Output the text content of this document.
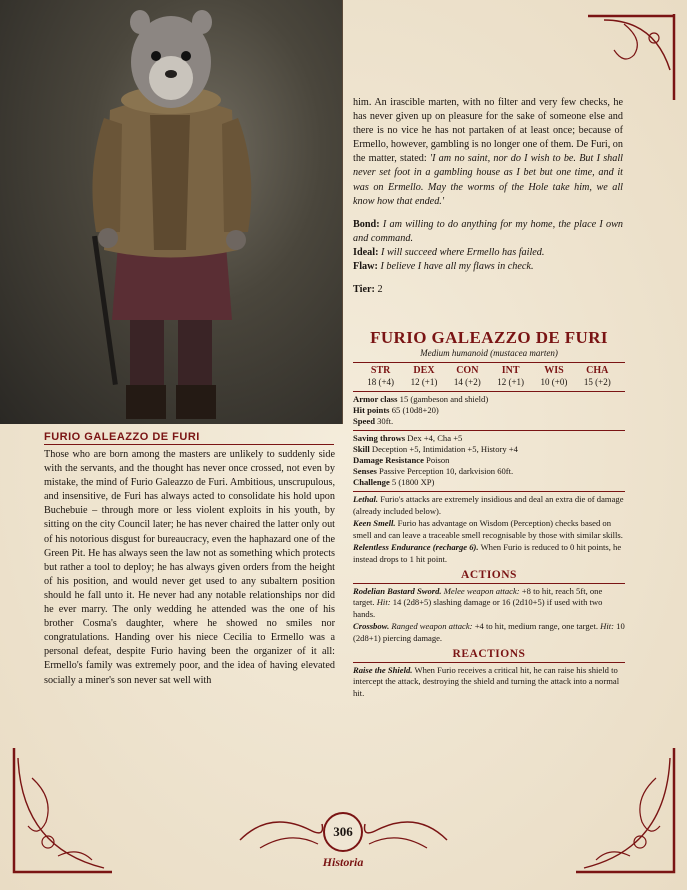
FURIO GALEAZZO DE FURI
Those who are born among the masters are unlikely to suddenly side with the servants, and the thought has never once crossed, not even by mistake, the mind of Furio Galeazzo de Furi. Ambitious, unscrupulous, and insensitive, de Furi has always acted to consolidate his hold upon Buchebuie – through more or less violent exploits in his youth, by sitting on the city Council later; he has never chaired the latter only out of his notorious disgust for bureaucracy, even the haphazard one of the Green Pit. He has always seen the law not as something which protects but rather a tool to deploy; he has always given orders from the height of his position, and would never get used to any subaltern position should he fall unto it. He never had any notable relationships nor did he ever marry. The only wedding he attended was the one of his brother Cosma's daughter, where he showed no smiles nor congratulations. Handing over his niece Cecilia to Ermello was a personal defeat, despite Furio having been the organizer of it all: Ermello's family was extremely poor, and the idea of having elevated socially a miner's son never sat well with

him. An irascible marten, with no filter and very few checks, he has never given up on pleasure for the sake of someone else and there is no vice he has not partaken of at least once; because of Ermello, however, gambling is no longer one of them. De Furi, on the matter, stated: 'I am no saint, nor do I wish to be. But I shall never set foot in a gambling house as I bet but one time, and it was on Ermello. May the worms of the Hole take him, we all know how that ended.'

Bond: I am willing to do anything for my home, the place I own and command.

Ideal: I will succeed where Ermello has failed.

Flaw: I believe I have all my flaws in check.

Tier: 2

FURIO GALEAZZO DE FURI
Medium humanoid (mustacea marten)
STR
18 (+4)
DEX
12 (+1)
CON
14 (+2)
INT
12 (+1)
WIS
10 (+0)
CHA
15 (+2)

Armor class 15 (gambeson and shield)

Hit points 65 (10d8+20)

Speed 30ft.

Saving throws Dex +4, Cha +5

Skill Deception +5, Intimidation +5, History +4

Damage Resistance Poison

Senses Passive Perception 10, darkvision 60ft.

Challenge 5 (1800 XP)

Lethal. Furio's attacks are extremely insidious and deal an extra die of damage (already included below).

Keen Smell. Furio has advantage on Wisdom (Perception) checks based on smell and can leave a traceable smell recognisable by those with similar skills.

Relentless Endurance (recharge 6). When Furio is reduced to 0 hit points, he instead drops to 1 hit point.

ACTIONS

Rodelian Bastard Sword. Melee weapon attack: +8 to hit, reach 5ft, one target. Hit: 14 (2d8+5) slashing damage or 16 (2d10+5) if used with two hands.

Crossbow. Ranged weapon attack: +4 to hit, medium range, one target. Hit: 10 (2d8+1) piercing damage.

REACTIONS

Raise the Shield. When Furio receives a critical hit, he can raise his shield to intercept the attack, destroying the shield and turning the attack into a normal hit.

306
Historia
